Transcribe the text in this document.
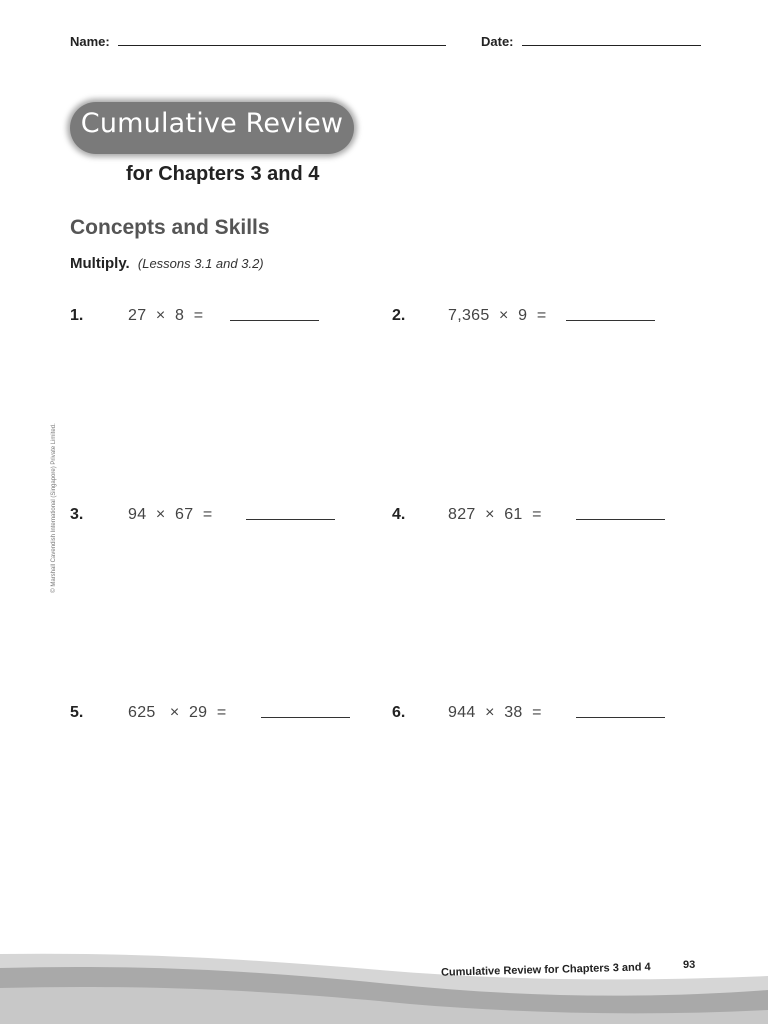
Name:	Date:
Cumulative Review
for Chapters 3 and 4
Concepts and Skills
Multiply. (Lessons 3.1 and 3.2)
1.	27  ×  8  =	2.	7,365  ×  9  =
3.	94  ×  67  =	4.	827  ×  61  =
5.	625   ×  29  =	6.	944  ×  38  =
© Marshall Cavendish International (Singapore) Private Limited.
Cumulative Review for Chapters 3 and 4	93
